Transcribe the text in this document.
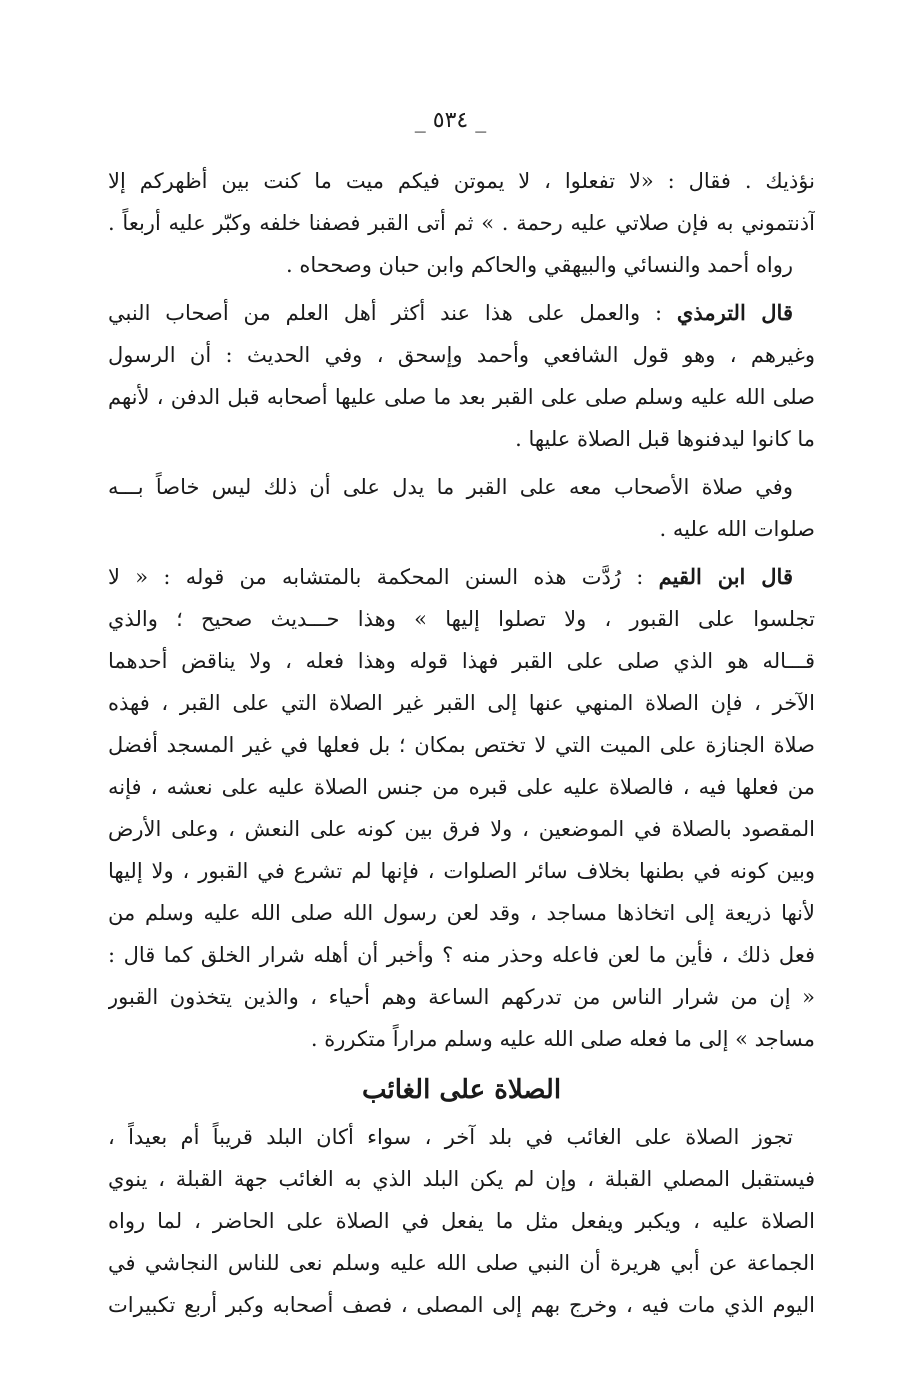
_ ٥٣٤ _
نؤذيك . فقال : «لا تفعلوا ، لا يموتن فيكم ميت ما كنت بين أظهركم إلا
آذنتموني به فإن صلاتي عليه رحمة . » ثم أتى القبر فصفنا خلفه وكبّر عليه أربعاً .
رواه أحمد والنسائي والبيهقي والحاكم وابن حبان وصححاه .
قال الترمذي : والعمل على هذا عند أكثر أهل العلم من أصحاب النبي
وغيرهم ، وهو قول الشافعي وأحمد وإسحق ، وفي الحديث : أن الرسول
صلى الله عليه وسلم صلى على القبر بعد ما صلى عليها أصحابه قبل الدفن ، لأنهم
ما كانوا ليدفنوها قبل الصلاة عليها .
وفي صلاة الأصحاب معه على القبر ما يدل على أن ذلك ليس خاصاً بـــه
صلوات الله عليه .
قال ابن القيم : رُدَّت هذه السنن المحكمة بالمتشابه من قوله : « لا
تجلسوا على القبور ، ولا تصلوا إليها » وهذا حـــديث صحيح ؛ والذي
قـــاله هو الذي صلى على القبر فهذا قوله وهذا فعله ، ولا يناقض أحدهما
الآخر ، فإن الصلاة المنهي عنها إلى القبر غير الصلاة التي على القبر ، فهذه
صلاة الجنازة على الميت التي لا تختص بمكان ؛ بل فعلها في غير المسجد أفضل
من فعلها فيه ، فالصلاة عليه على قبره من جنس الصلاة عليه على نعشه ، فإنه
المقصود بالصلاة في الموضعين ، ولا فرق بين كونه على النعش ، وعلى الأرض
وبين كونه في بطنها بخلاف سائر الصلوات ، فإنها لم تشرع في القبور ، ولا إليها
لأنها ذريعة إلى اتخاذها مساجد ، وقد لعن رسول الله صلى الله عليه وسلم من
فعل ذلك ، فأين ما لعن فاعله وحذر منه ؟ وأخبر أن أهله شرار الخلق كما قال :
« إن من شرار الناس من تدركهم الساعة وهم أحياء ، والذين يتخذون القبور
مساجد » إلى ما فعله صلى الله عليه وسلم مراراً متكررة .
الصلاة على الغائب
تجوز الصلاة على الغائب في بلد آخر ، سواء أكان البلد قريباً أم بعيداً ،
فيستقبل المصلي القبلة ، وإن لم يكن البلد الذي به الغائب جهة القبلة ، ينوي
الصلاة عليه ، ويكبر ويفعل مثل ما يفعل في الصلاة على الحاضر ، لما رواه
الجماعة عن أبي هريرة أن النبي صلى الله عليه وسلم نعى للناس النجاشي في
اليوم الذي مات فيه ، وخرج بهم إلى المصلى ، فصف أصحابه وكبر أربع تكبيرات
